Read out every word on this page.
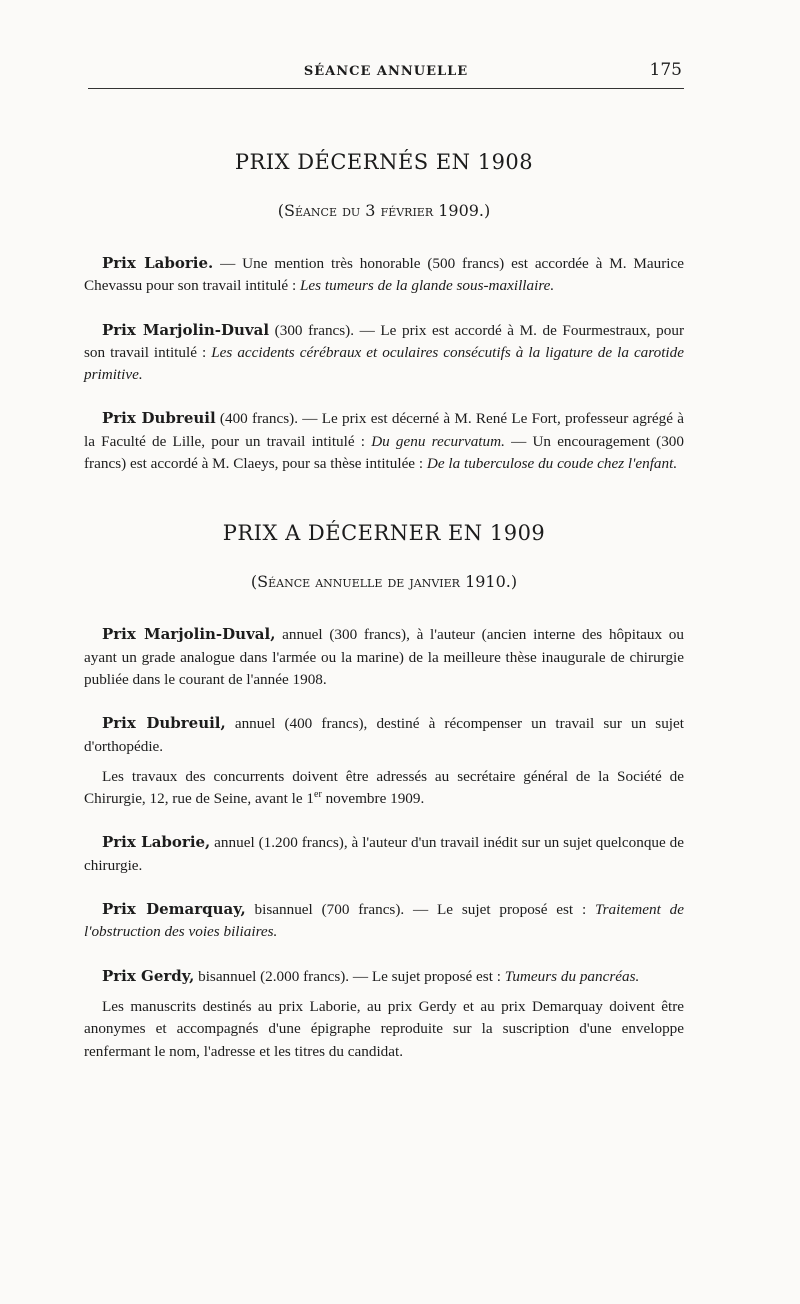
SÉANCE ANNUELLE	175
PRIX DÉCERNÉS EN 1908
(Séance du 3 février 1909.)

Prix Laborie. — Une mention très honorable (500 francs) est accordée à M. Maurice Chevassu pour son travail intitulé : Les tumeurs de la glande sous-maxillaire.

Prix Marjolin-Duval (300 francs). — Le prix est accordé à M. de Fourmestraux, pour son travail intitulé : Les accidents cérébraux et oculaires consécutifs à la ligature de la carotide primitive.

Prix Dubreuil (400 francs). — Le prix est décerné à M. René Le Fort, professeur agrégé à la Faculté de Lille, pour un travail intitulé : Du genu recurvatum. — Un encouragement (300 francs) est accordé à M. Claeys, pour sa thèse intitulée : De la tuberculose du coude chez l'enfant.

PRIX A DÉCERNER EN 1909
(Séance annuelle de janvier 1910.)

Prix Marjolin-Duval, annuel (300 francs), à l'auteur (ancien interne des hôpitaux ou ayant un grade analogue dans l'armée ou la marine) de la meilleure thèse inaugurale de chirurgie publiée dans le courant de l'année 1908.

Prix Dubreuil, annuel (400 francs), destiné à récompenser un travail sur un sujet d'orthopédie.

Les travaux des concurrents doivent être adressés au secrétaire général de la Société de Chirurgie, 12, rue de Seine, avant le 1er novembre 1909.

Prix Laborie, annuel (1.200 francs), à l'auteur d'un travail inédit sur un sujet quelconque de chirurgie.

Prix Demarquay, bisannuel (700 francs). — Le sujet proposé est : Traitement de l'obstruction des voies biliaires.

Prix Gerdy, bisannuel (2.000 francs). — Le sujet proposé est : Tumeurs du pancréas.

Les manuscrits destinés au prix Laborie, au prix Gerdy et au prix Demarquay doivent être anonymes et accompagnés d'une épigraphe reproduite sur la suscription d'une enveloppe renfermant le nom, l'adresse et les titres du candidat.
